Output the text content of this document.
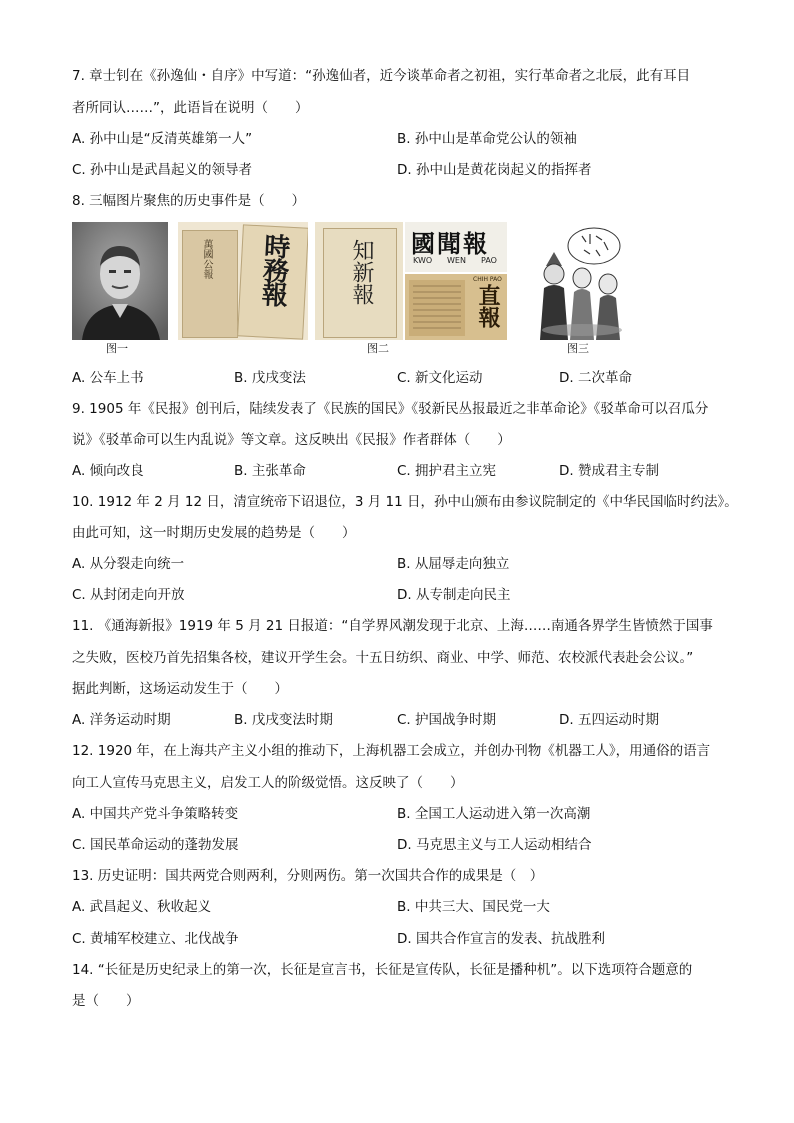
7. 章士钊在《孙逸仙・自序》中写道：“孙逸仙者，近今谈革命者之初祖，实行革命者之北辰，此有耳目
者所同认……”，此语旨在说明（　　）
A. 孙中山是“反清英雄第一人”	B. 孙中山是革命党公认的领袖
C. 孙中山是武昌起义的领导者	D. 孙中山是黄花岗起义的指挥者
8. 三幅图片聚焦的历史事件是（　　）
图一
萬國公報 時務報	知新報 國聞報
KWO WEN PAO
CHIH PAO
直報
图二	图三
A. 公车上书	B. 戊戌变法	C. 新文化运动	D. 二次革命
9. 1905 年《民报》创刊后，陆续发表了《民族的国民》《驳新民丛报最近之非革命论》《驳革命可以召瓜分
说》《驳革命可以生内乱说》等文章。这反映出《民报》作者群体（　　）
A. 倾向改良	B. 主张革命	C. 拥护君主立宪	D. 赞成君主专制
10. 1912 年 2 月 12 日，清宣统帝下诏退位，3 月 11 日，孙中山颁布由参议院制定的《中华民国临时约法》。
由此可知，这一时期历史发展的趋势是（　　）
A. 从分裂走向统一	B. 从屈辱走向独立
C. 从封闭走向开放	D. 从专制走向民主
11. 《通海新报》1919 年 5 月 21 日报道：“自学界风潮发现于北京、上海……南通各界学生皆愤然于国事
之失败，医校乃首先招集各校，建议开学生会。十五日纺织、商业、中学、师范、农校派代表赴会公议。”
据此判断，这场运动发生于（　　）
A. 洋务运动时期	B. 戊戌变法时期	C. 护国战争时期	D. 五四运动时期
12. 1920 年，在上海共产主义小组的推动下，上海机器工会成立，并创办刊物《机器工人》，用通俗的语言
向工人宣传马克思主义，启发工人的阶级觉悟。这反映了（　　）
A. 中国共产党斗争策略转变	B. 全国工人运动进入第一次高潮
C. 国民革命运动的蓬勃发展	D. 马克思主义与工人运动相结合
13. 历史证明：国共两党合则两利，分则两伤。第一次国共合作的成果是（　）
A. 武昌起义、秋收起义	B. 中共三大、国民党一大
C. 黄埔军校建立、北伐战争	D. 国共合作宣言的发表、抗战胜利
14. “长征是历史纪录上的第一次，长征是宣言书，长征是宣传队，长征是播种机”。以下选项符合题意的
是（　　）
